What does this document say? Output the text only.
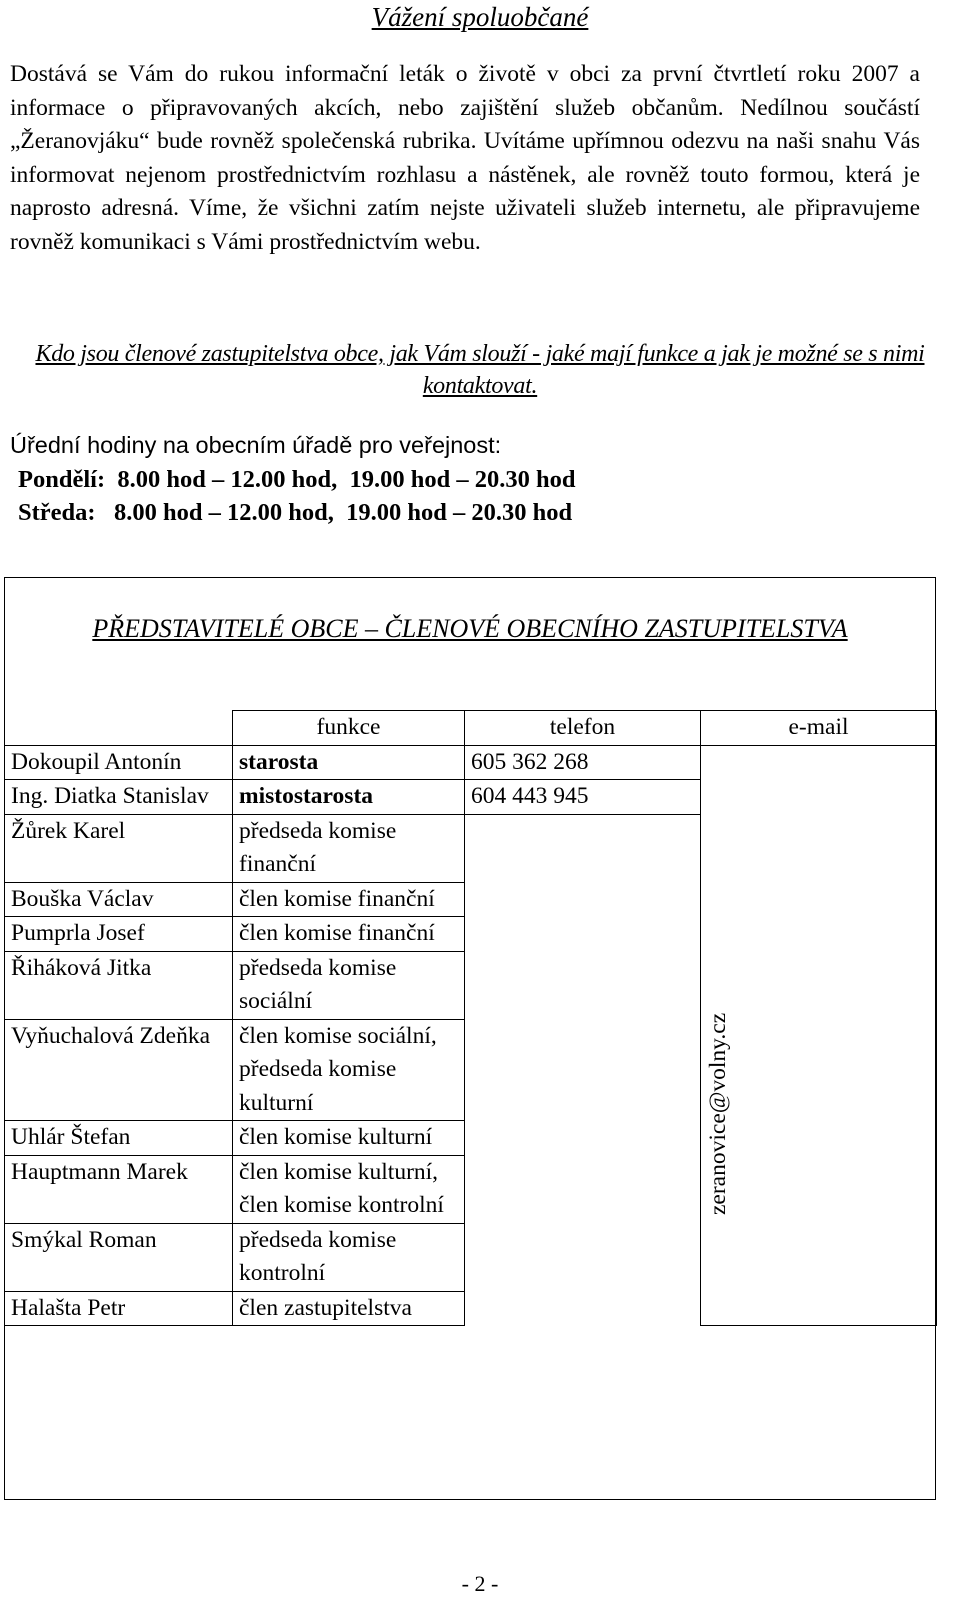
Vážení spoluobčané

Dostává se Vám do rukou informační leták o životě v obci za první čtvrtletí roku 2007 a informace o připravovaných akcích, nebo zajištění služeb občanům. Nedílnou součástí „Žeranovjáku“ bude rovněž společenská rubrika. Uvítáme upřímnou odezvu na naši snahu Vás informovat nejenom prostřednictvím rozhlasu a nástěnek, ale rovněž touto formou, která je naprosto adresná. Víme, že všichni zatím nejste uživateli služeb internetu, ale připravujeme rovněž komunikaci s Vámi prostřednictvím webu.

Kdo jsou členové zastupitelstva obce, jak Vám slouží - jaké mají funkce a jak je možné se s nimi kontaktovat.
Úřední hodiny na obecním úřadě pro veřejnost:
Pondělí:  8.00 hod – 12.00 hod,  19.00 hod – 20.30 hod
Středa:   8.00 hod – 12.00 hod,  19.00 hod – 20.30 hod
PŘEDSTAVITELÉ OBCE – ČLENOVÉ OBECNÍHO ZASTUPITELSTVA
	funkce	telefon	e-mail
Dokoupil Antonín	starosta	605 362 268	
Ing. Diatka Stanislav	mistostarosta	604 443 945	
Žůrek Karel	předseda komise finanční		
Bouška Václav	člen komise finanční		
Pumprla Josef	člen komise finanční		
Řiháková Jitka	předseda komise sociální		
Vyňuchalová Zdeňka	člen komise sociální, předseda komise kulturní		
Uhlár Štefan	člen komise kulturní		
Hauptmann Marek	člen komise kulturní, člen komise kontrolní		
Smýkal Roman	předseda komise kontrolní		
Halašta Petr	člen zastupitelstva		
zeranovice@volny.cz
- 2 -
